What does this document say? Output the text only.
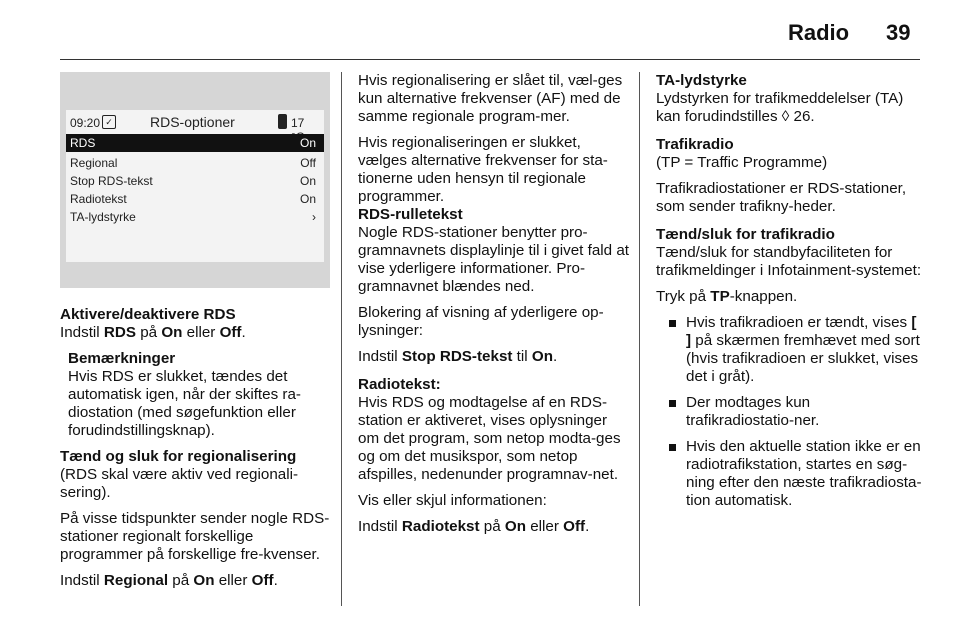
Radio 39
09:20 ✓	RDS-optioner	17
RDS	On
Regional	Off
Stop RDS-tekst	On
Radiotekst	On
TA-lydstyrke	›
Aktivere/deaktivere RDS

Indstil RDS på On eller Off.

Bemærkninger
Hvis RDS er slukket, tændes det automatisk igen, når der skiftes ra-diostation (med søgefunktion eller forudindstillingsknap).
Tænd og sluk for regionalisering

(RDS skal være aktiv ved regionali-sering).

På visse tidspunkter sender nogle RDS-stationer regionalt forskellige programmer på forskellige fre-kvenser.

Indstil Regional på On eller Off.

Hvis regionalisering er slået til, væl-ges kun alternative frekvenser (AF) med de samme regionale program-mer.

Hvis regionaliseringen er slukket, vælges alternative frekvenser for sta-tionerne uden hensyn til regionale programmer.

RDS-rulletekst

Nogle RDS-stationer benytter pro-gramnavnets displaylinje til i givet fald at vise yderligere informationer. Pro-gramnavnet blændes ned.

Blokering af visning af yderligere op-lysninger:

Indstil Stop RDS-tekst til On.

Radiotekst:

Hvis RDS og modtagelse af en RDS-station er aktiveret, vises oplysninger om det program, som netop modta-ges og om det musikspor, som netop afspilles, nedenunder programnav-net.

Vis eller skjul informationen:

Indstil Radiotekst på On eller Off.

TA-lydstyrke

Lydstyrken for trafikmeddelelser (TA) kan forudindstilles ◊ 26.

Trafikradio

(TP = Traffic Programme)

Trafikradiostationer er RDS-stationer, som sender trafikny-heder.

Tænd/sluk for trafikradio

Tænd/sluk for standbyfaciliteten for trafikmeldinger i Infotainment-systemet:

Tryk på TP-knappen.

Hvis trafikradioen er tændt, vises [ ] på skærmen fremhævet med sort (hvis trafikradioen er slukket, vises det i gråt).
Der modtages kun trafikradiostatio-ner.
Hvis den aktuelle station ikke er en radiotrafikstation, startes en søg-ning efter den næste trafikradiosta-tion automatisk.
